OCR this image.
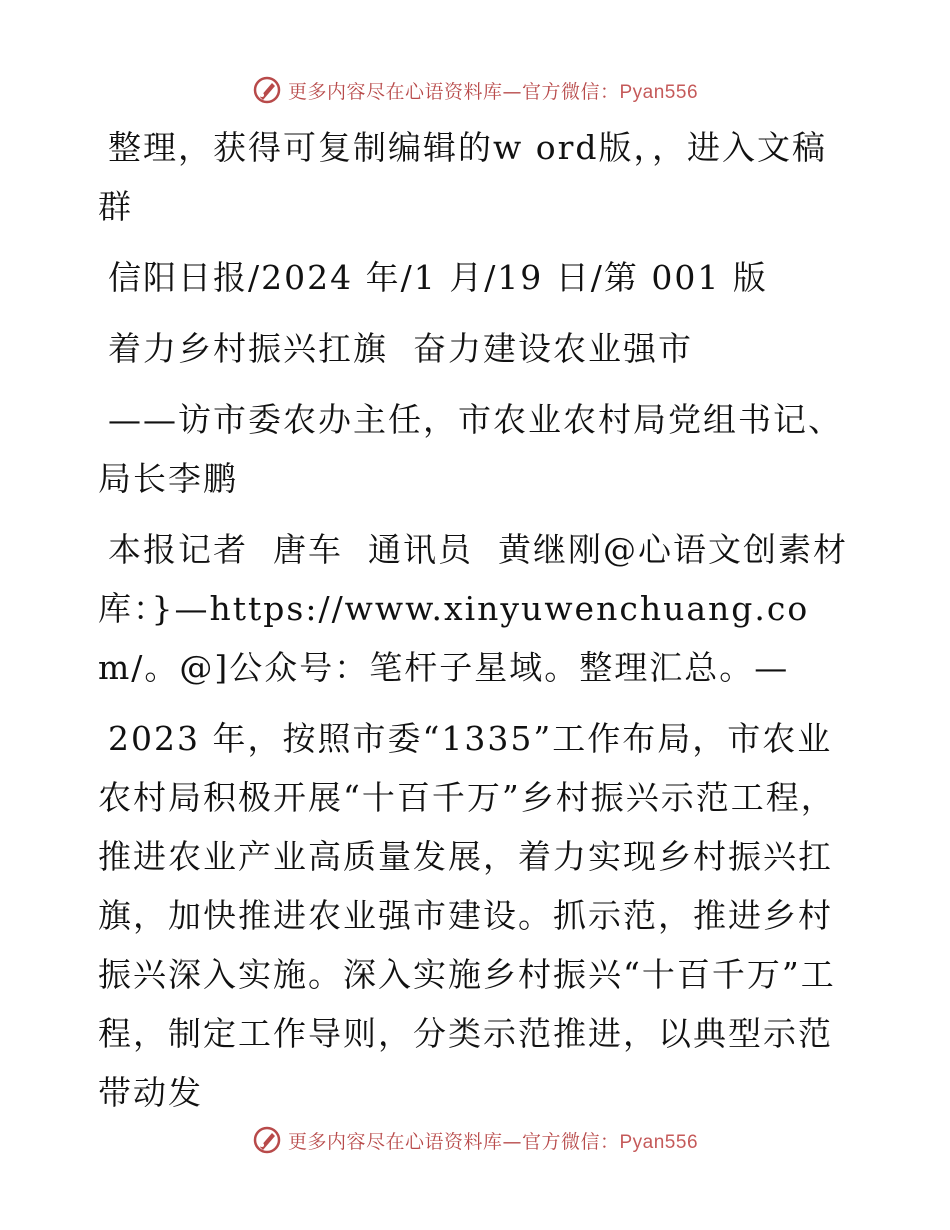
更多内容尽在心语资料库—官方微信：Pyan556

整理，获得可复制编辑的w ord版，，进入文稿群

信阳日报/2024 年/1 月/19 日/第 001 版

着力乡村振兴扛旗  奋力建设农业强市

——访市委农办主任，市农业农村局党组书记、局长李鹏

本报记者  唐车  通讯员  黄继刚@心语文创素材库：}—https://www.xinyuwenchuang.com/。@]公众号：笔杆子星域。整理汇总。—

2023 年，按照市委“1335”工作布局，市农业农村局积极开展“十百千万”乡村振兴示范工程，推进农业产业高质量发展，着力实现乡村振兴扛旗，加快推进农业强市建设。抓示范，推进乡村振兴深入实施。深入实施乡村振兴“十百千万”工程，制定工作导则，分类示范推进，以典型示范带动发

更多内容尽在心语资料库—官方微信：Pyan556
